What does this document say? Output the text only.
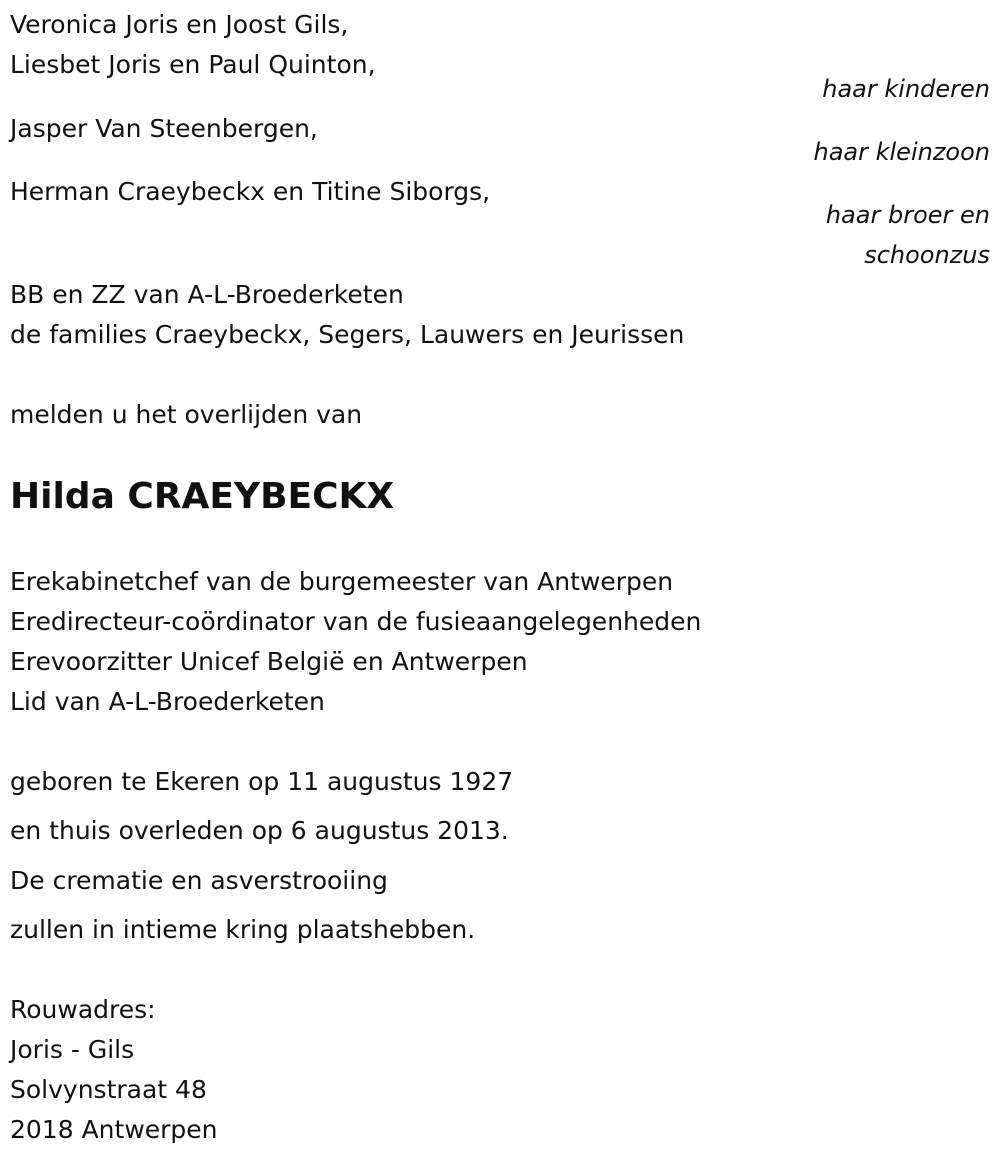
Veronica Joris en Joost Gils,
Liesbet Joris en Paul Quinton,
haar kinderen
Jasper Van Steenbergen,
haar kleinzoon
Herman Craeybeckx en Titine Siborgs,
haar broer en
schoonzus
BB en ZZ van A-L-Broederketen
de families Craeybeckx, Segers, Lauwers en Jeurissen
melden u het overlijden van
Hilda CRAEYBECKX
Erekabinetchef van de burgemeester van Antwerpen
Eredirecteur-coördinator van de fusieaangelegenheden
Erevoorzitter Unicef België en Antwerpen
Lid van A-L-Broederketen
geboren te Ekeren op 11 augustus 1927
en thuis overleden op 6 augustus 2013.
De crematie en asverstrooiing
zullen in intieme kring plaatshebben.
Rouwadres:
Joris - Gils
Solvynstraat 48
2018 Antwerpen
